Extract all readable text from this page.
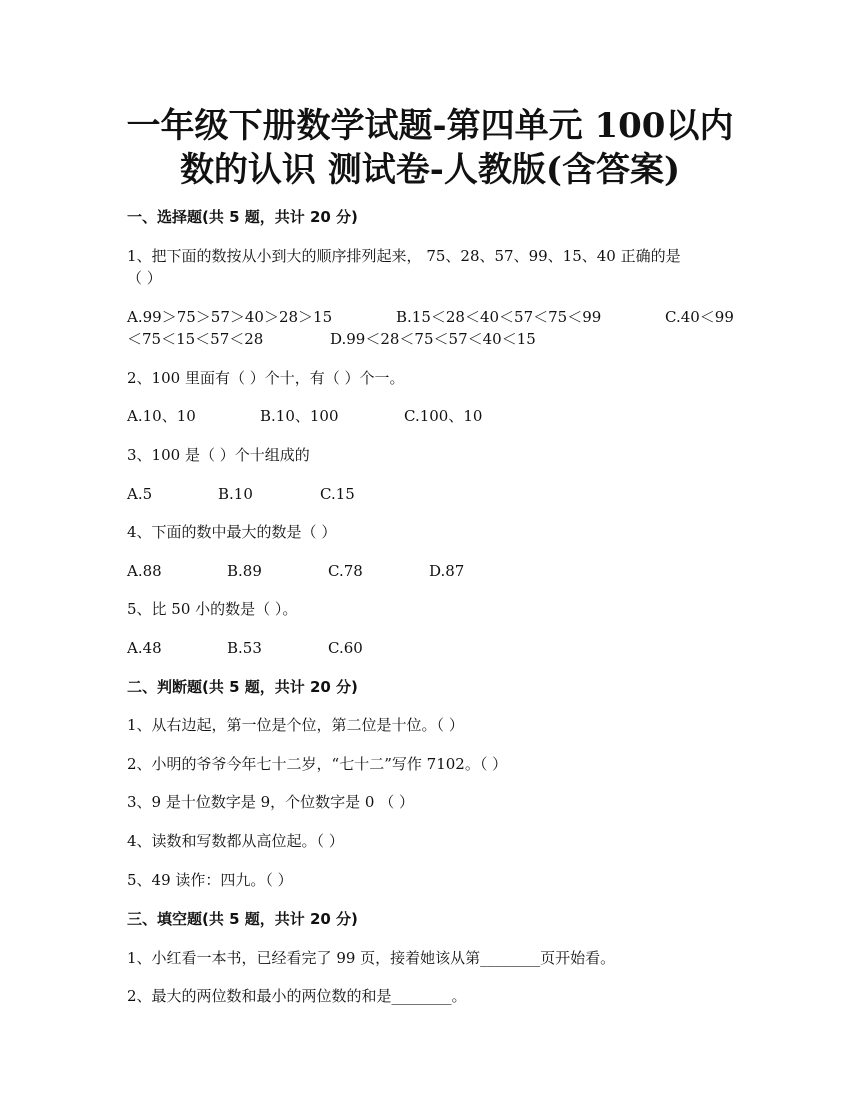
一年级下册数学试题-第四单元 100以内
数的认识 测试卷-人教版(含答案)
一、选择题(共 5 题，共计 20 分)
1、把下面的数按从小到大的顺序排列起来， 75、28、57、99、15、40 正确的是
（ ）
A.99＞75＞57＞40＞28＞15	B.15＜28＜40＜57＜75＜99	C.40＜99
＜75＜15＜57＜28	D.99＜28＜75＜57＜40＜15
2、100 里面有（ ）个十，有（ ）个一。
A.10、10	B.10、100	C.100、10
3、100 是（ ）个十组成的
A.5	B.10	C.15
4、下面的数中最大的数是（ ）
A.88	B.89	C.78	D.87
5、比 50 小的数是（ ）。
A.48	B.53	C.60
二、判断题(共 5 题，共计 20 分)
1、从右边起，第一位是个位，第二位是十位。（ ）
2、小明的爷爷今年七十二岁，“七十二”写作 7102。（ ）
3、9 是十位数字是 9，个位数字是 0 （ ）
4、读数和写数都从高位起。（ ）
5、49 读作：四九。（ ）
三、填空题(共 5 题，共计 20 分)
1、小红看一本书，已经看完了 99 页，接着她该从第________页开始看。
2、最大的两位数和最小的两位数的和是________。
